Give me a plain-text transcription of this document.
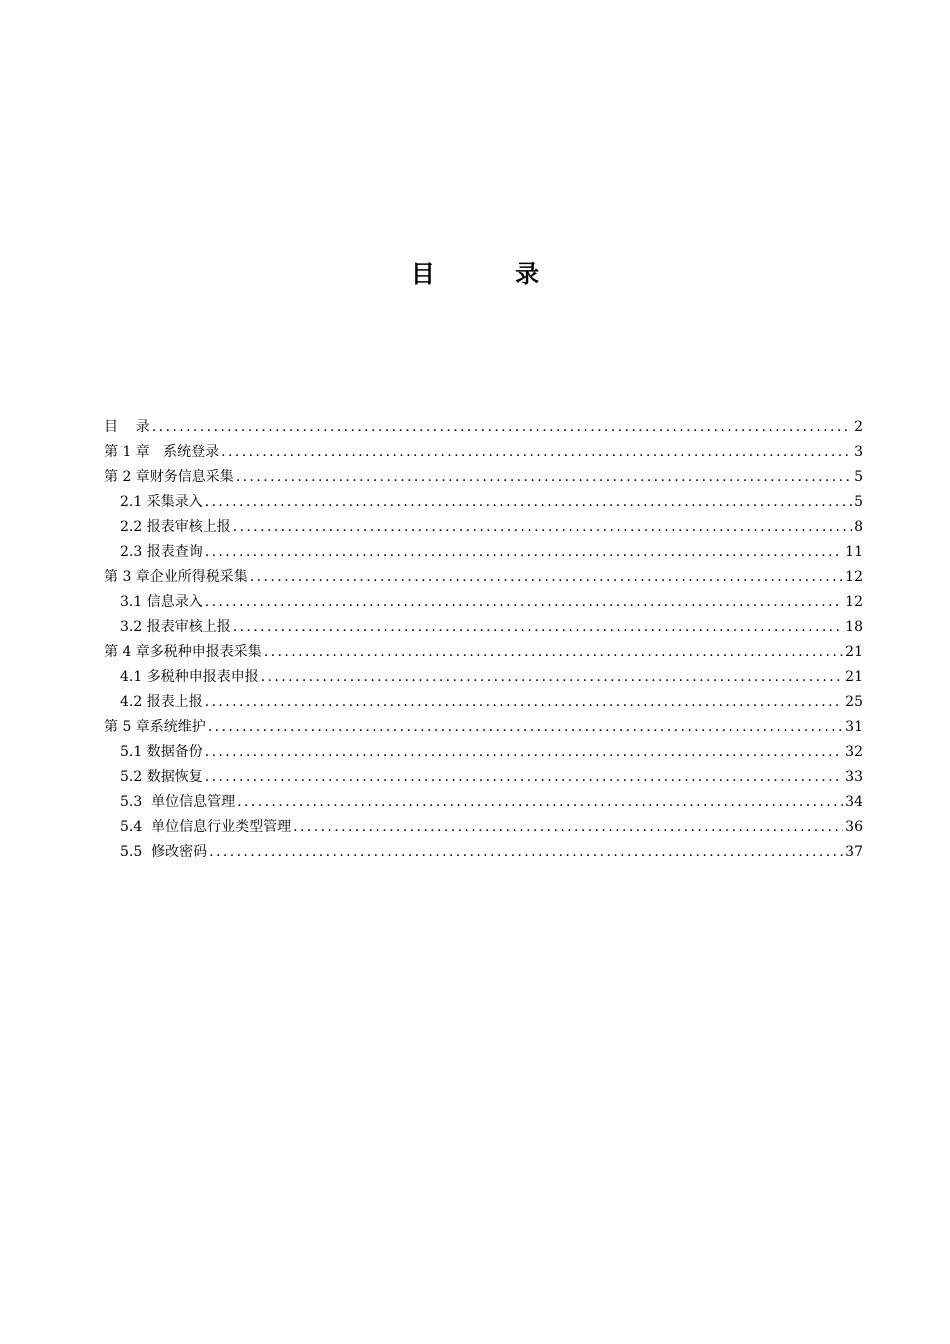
目 录
目    录 .....	2
第 1 章   系统登录 .....	3
第 2 章财务信息采集 .....	5
2.1 采集录入 .....	5
2.2 报表审核上报 .....	8
2.3 报表查询 .....	11
第 3 章企业所得税采集 .....	12
3.1 信息录入 .....	12
3.2 报表审核上报 .....	18
第 4 章多税种申报表采集 .....	21
4.1 多税种申报表申报 .....	21
4.2 报表上报 .....	25
第 5 章系统维护 .....	31
5.1 数据备份 .....	32
5.2 数据恢复 .....	33
5.3  单位信息管理 .....	34
5.4  单位信息行业类型管理 .....	36
5.5  修改密码 .....	37
